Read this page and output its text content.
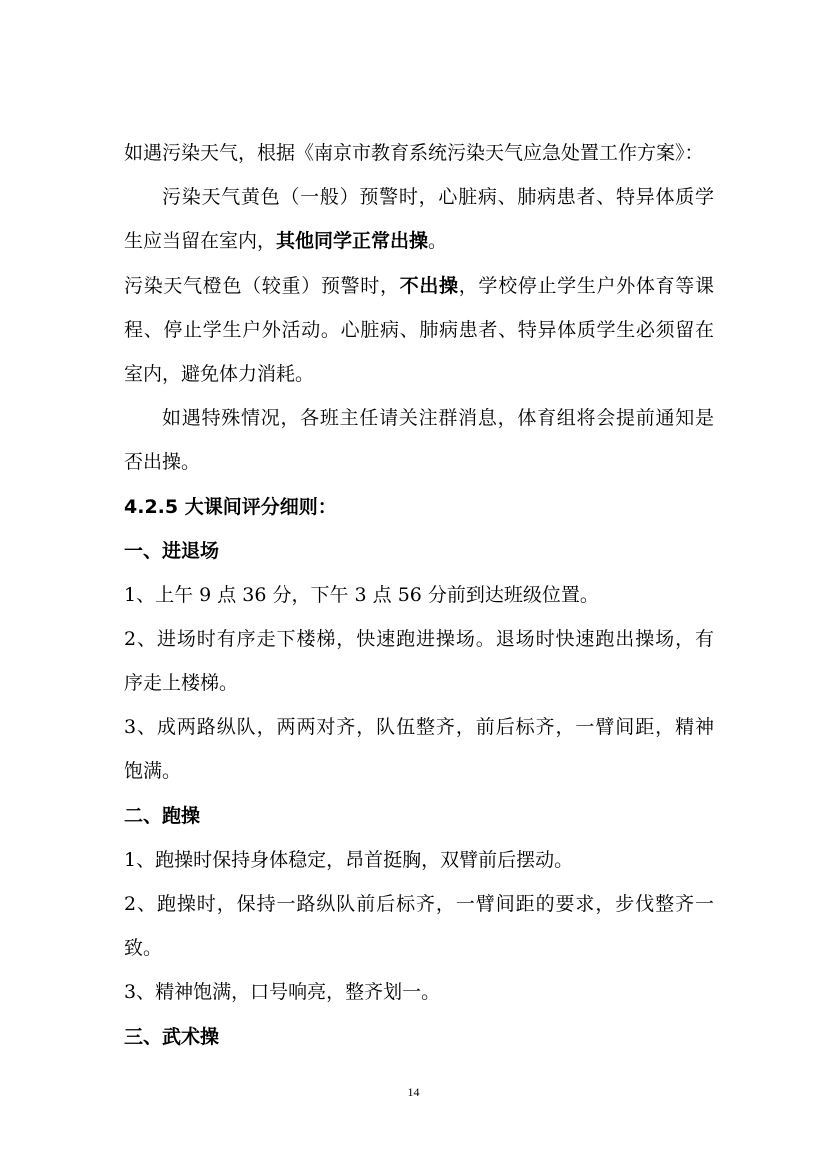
如遇污染天气，根据《南京市教育系统污染天气应急处置工作方案》：
污染天气黄色（一般）预警时，心脏病、肺病患者、特异体质学
生应当留在室内，其他同学正常出操。
污染天气橙色（较重）预警时，不出操，学校停止学生户外体育等课
程、停止学生户外活动。心脏病、肺病患者、特异体质学生必须留在
室内，避免体力消耗。
如遇特殊情况，各班主任请关注群消息，体育组将会提前通知是
否出操。
4.2.5 大课间评分细则：
一、进退场
1、上午 9 点 36 分，下午 3 点 56 分前到达班级位置。
2、进场时有序走下楼梯，快速跑进操场。退场时快速跑出操场，有
序走上楼梯。
3、成两路纵队，两两对齐，队伍整齐，前后标齐，一臂间距，精神
饱满。
二、跑操
1、跑操时保持身体稳定，昂首挺胸，双臂前后摆动。
2、跑操时，保持一路纵队前后标齐，一臂间距的要求，步伐整齐一
致。
3、精神饱满，口号响亮，整齐划一。
三、武术操
14
